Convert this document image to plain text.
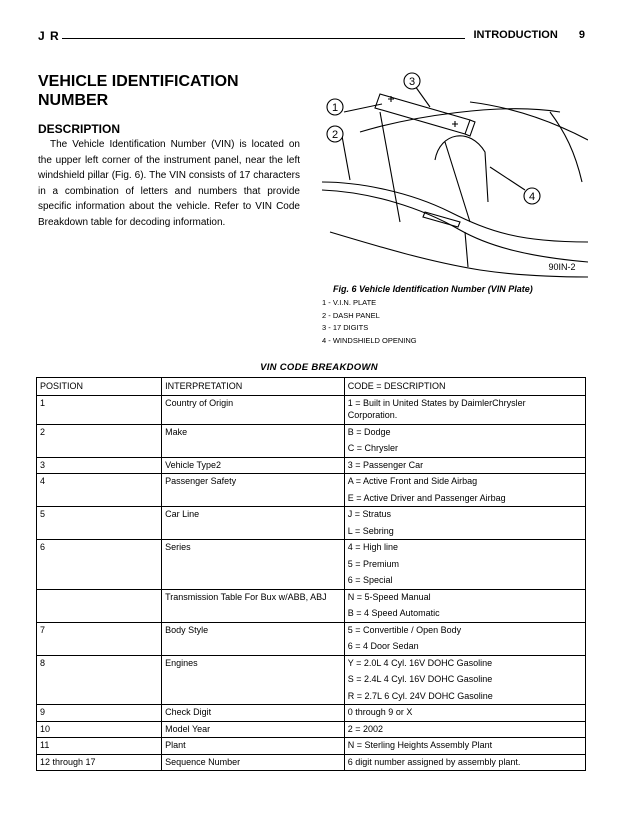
J R	INTRODUCTION 9
VEHICLE IDENTIFICATION NUMBER
DESCRIPTION
The Vehicle Identification Number (VIN) is located on the upper left corner of the instrument panel, near the left windshield pillar (Fig. 6). The VIN consists of 17 characters in a combination of letters and numbers that provide specific information about the vehicle. Refer to VIN Code Breakdown table for decoding information.
1
2
3
4
90IN-2
Fig. 6 Vehicle Identification Number (VIN Plate)
1 - V.I.N. PLATE
2 - DASH PANEL
3 - 17 DIGITS
4 - WINDSHIELD OPENING
VIN CODE BREAKDOWN
POSITION	INTERPRETATION	CODE = DESCRIPTION
1	Country of Origin	1 = Built in United States by DaimlerChrysler
Corporation.

2	Make	B = Dodge
C = Chrysler

3	Vehicle Type2	3 = Passenger Car

4	Passenger Safety	A = Active Front and Side Airbag
E = Active Driver and Passenger Airbag

5	Car Line	J = Stratus
L = Sebring

6	Series	4 = High line
5 = Premium
6 = Special

	Transmission Table For Bux w/ABB, ABJ	N = 5-Speed Manual
B = 4 Speed Automatic

7	Body Style	5 = Convertible / Open Body
6 = 4 Door Sedan

8	Engines	Y = 2.0L 4 Cyl. 16V DOHC Gasoline
S = 2.4L 4 Cyl. 16V DOHC Gasoline
R = 2.7L 6 Cyl. 24V DOHC Gasoline

9	Check Digit	0 through 9 or X

10	Model Year	2 = 2002

11	Plant	N = Sterling Heights Assembly Plant

12 through 17	Sequence Number	6 digit number assigned by assembly plant.
